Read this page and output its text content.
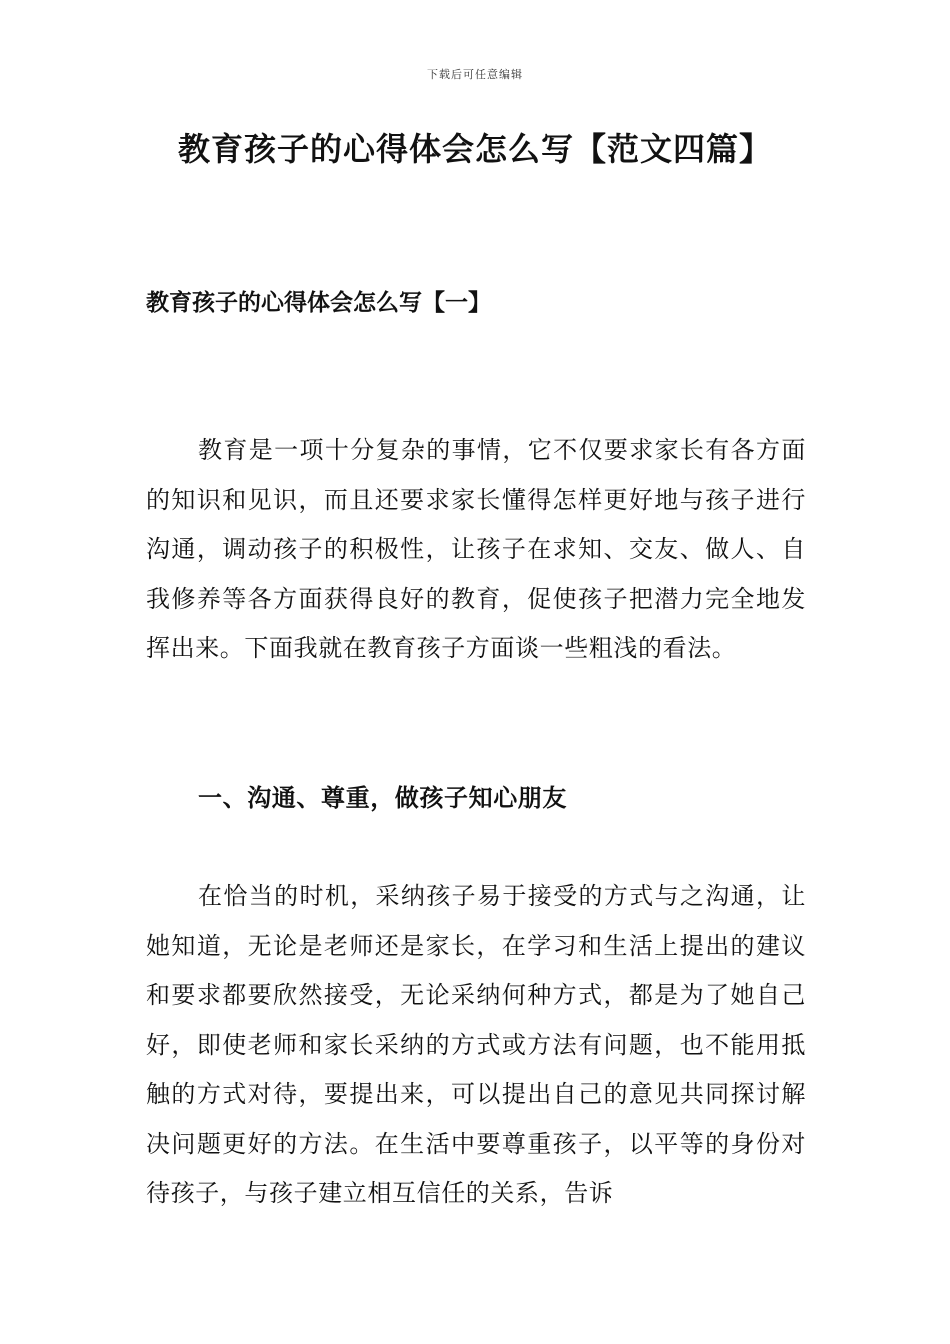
下载后可任意编辑
教育孩子的心得体会怎么写【范文四篇】
教育孩子的心得体会怎么写【一】

教育是一项十分复杂的事情，它不仅要求家长有各方面的知识和见识，而且还要求家长懂得怎样更好地与孩子进行沟通，调动孩子的积极性，让孩子在求知、交友、做人、自我修养等各方面获得良好的教育，促使孩子把潜力完全地发挥出来。下面我就在教育孩子方面谈一些粗浅的看法。

一、沟通、尊重，做孩子知心朋友

在恰当的时机，采纳孩子易于接受的方式与之沟通，让她知道，无论是老师还是家长，在学习和生活上提出的建议和要求都要欣然接受，无论采纳何种方式，都是为了她自己好，即使老师和家长采纳的方式或方法有问题，也不能用抵触的方式对待，要提出来，可以提出自己的意见共同探讨解决问题更好的方法。在生活中要尊重孩子，以平等的身份对待孩子，与孩子建立相互信任的关系，告诉
